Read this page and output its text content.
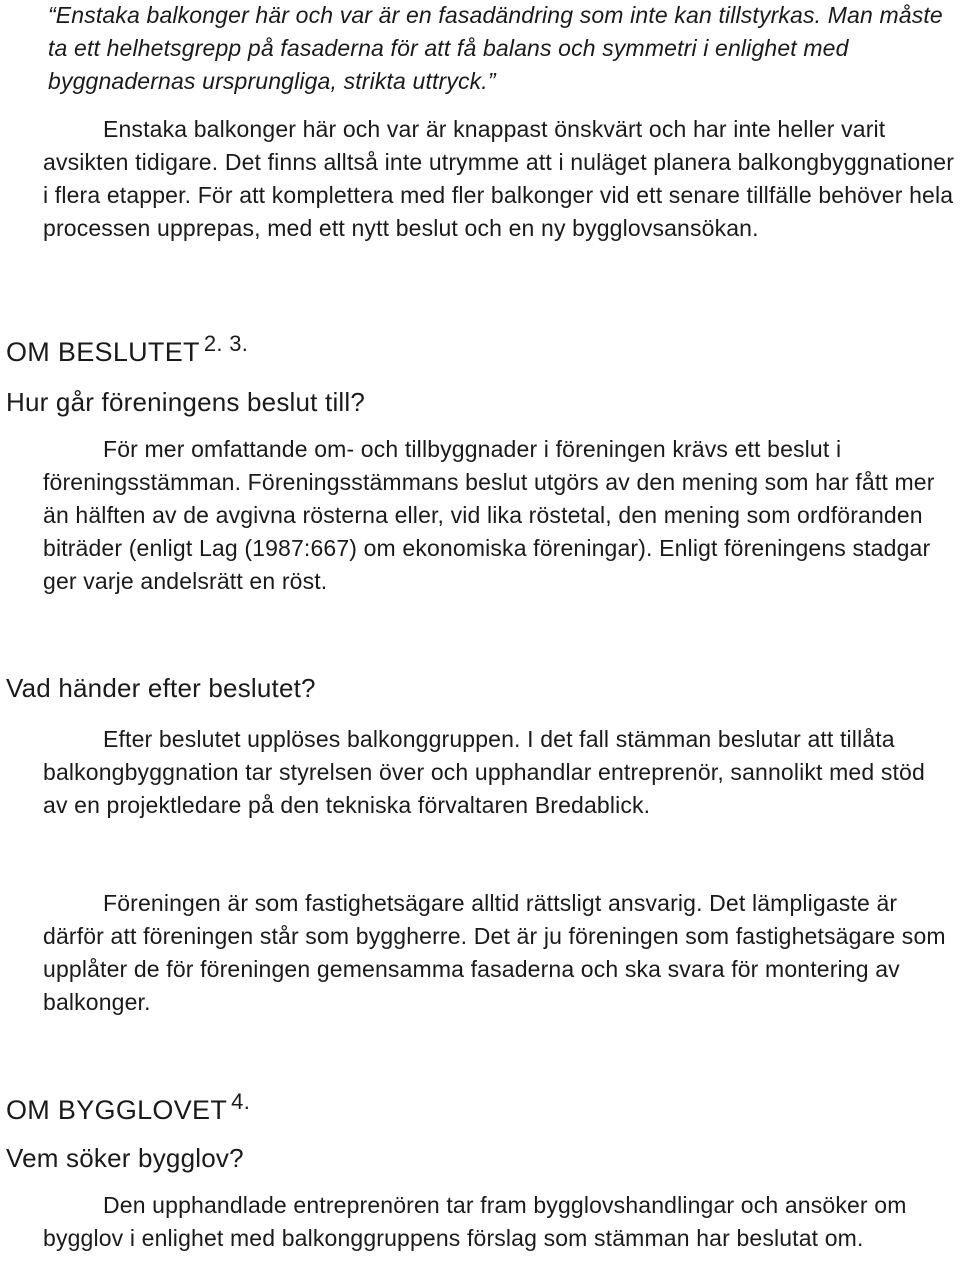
“Enstaka balkonger här och var är en fasadändring som inte kan tillstyrkas. Man måste ta ett helhetsgrepp på fasaderna för att få balans och symmetri i enlighet med byggnadernas ursprungliga, strikta uttryck.”

Enstaka balkonger här och var är knappast önskvärt och har inte heller varit avsikten tidigare. Det finns alltså inte utrymme att i nuläget planera balkongbyggnationer i flera etapper. För att komplettera med fler balkonger vid ett senare tillfälle behöver hela processen upprepas, med ett nytt beslut och en ny bygglovsansökan.

OM BESLUTET $^{2. 3.}$
Hur går föreningens beslut till?

För mer omfattande om- och tillbyggnader i föreningen krävs ett beslut i föreningsstämman. Föreningsstämmans beslut utgörs av den mening som har fått mer än hälften av de avgivna rösterna eller, vid lika röstetal, den mening som ordföranden biträder (enligt Lag (1987:667) om ekonomiska föreningar). Enligt föreningens stadgar ger varje andelsrätt en röst.

Vad händer efter beslutet?

Efter beslutet upplöses balkonggruppen. I det fall stämman beslutar att tillåta balkongbyggnation tar styrelsen över och upphandlar entreprenör, sannolikt med stöd av en projektledare på den tekniska förvaltaren Bredablick.

Föreningen är som fastighetsägare alltid rättsligt ansvarig. Det lämpligaste är därför att föreningen står som byggherre. Det är ju föreningen som fastighetsägare som upplåter de för föreningen gemensamma fasaderna och ska svara för montering av balkonger.

OM BYGGLOVET $^{4.}$
Vem söker bygglov?

Den upphandlade entreprenören tar fram bygglovshandlingar och ansöker om bygglov i enlighet med balkonggruppens förslag som stämman har beslutat om.
